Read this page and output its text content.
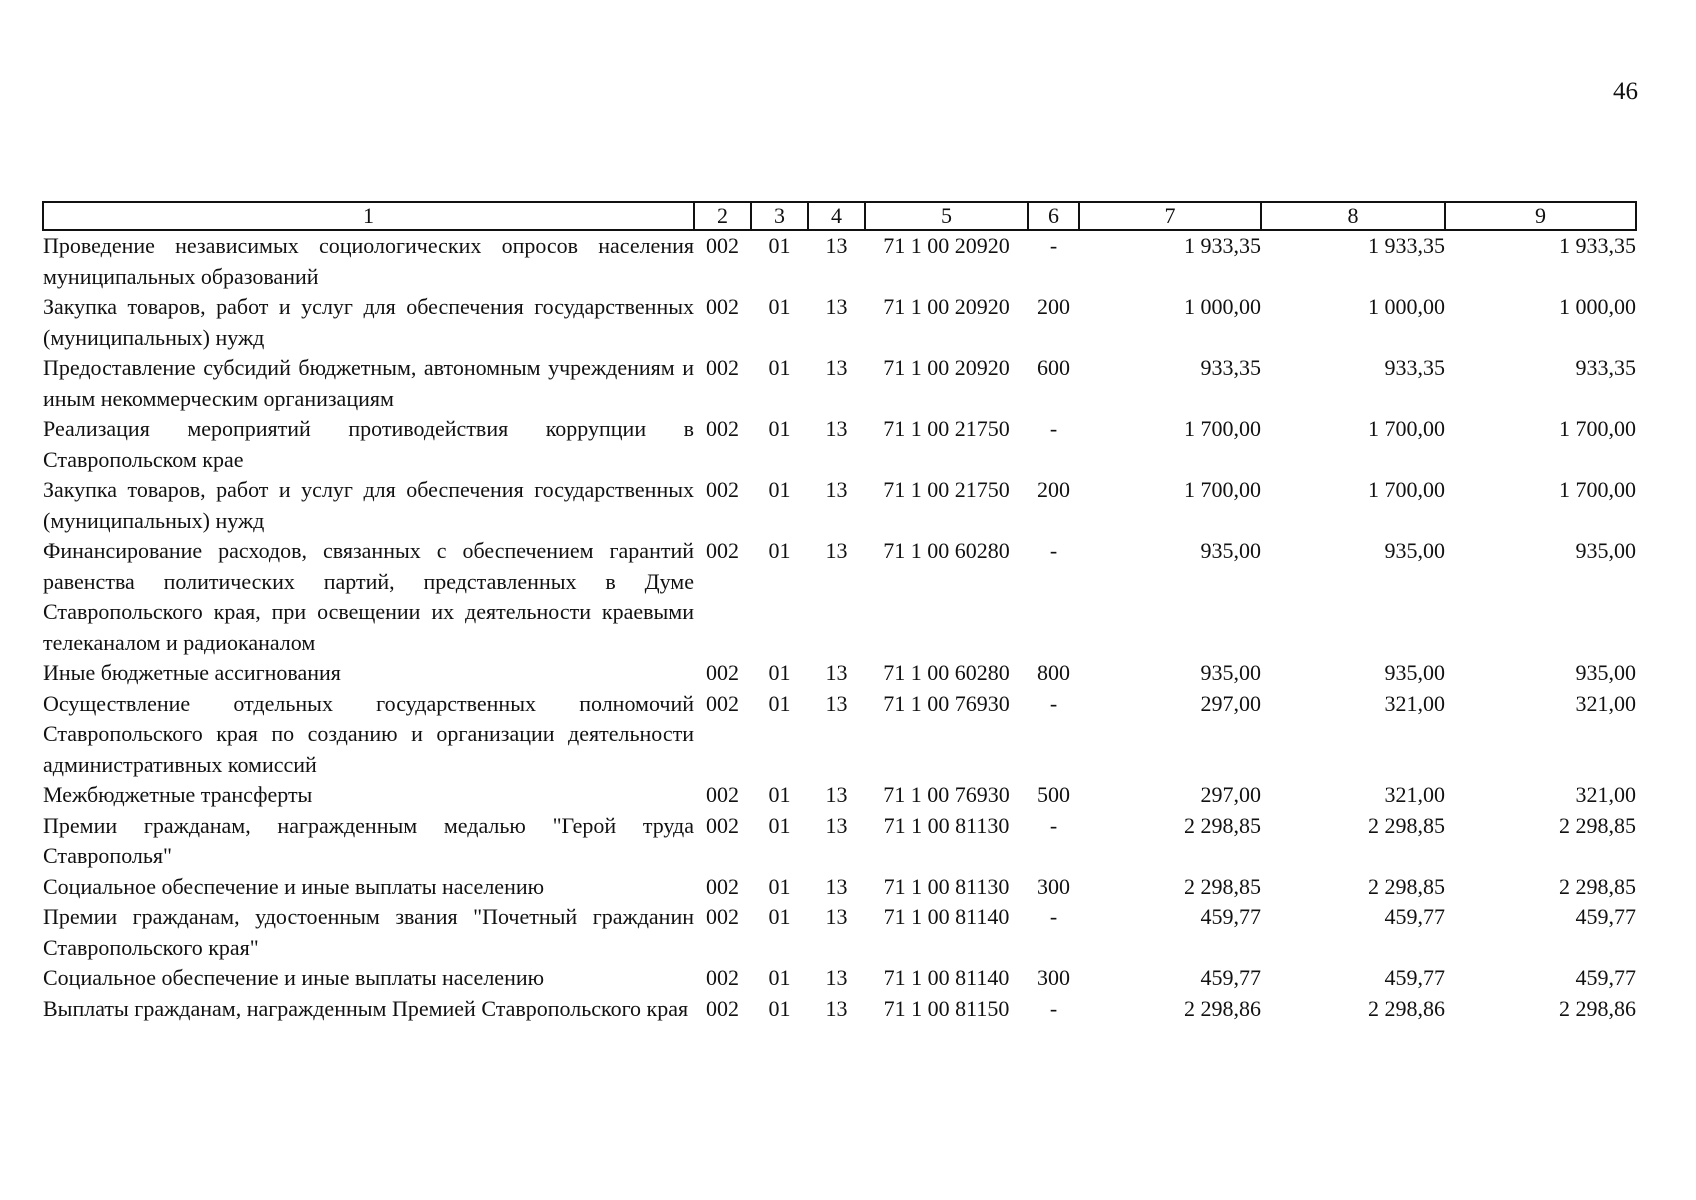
46
1	2	3	4	5	6	7	8	9
Проведение независимых социологических опросов населения муниципальных образований	002	01	13	71 1 00 20920	-	1 933,35	1 933,35	1 933,35
Закупка товаров, работ и услуг для обеспечения государственных (муниципальных) нужд	002	01	13	71 1 00 20920	200	1 000,00	1 000,00	1 000,00
Предоставление субсидий бюджетным, автономным учреждениям и иным некоммерческим организациям	002	01	13	71 1 00 20920	600	933,35	933,35	933,35
Реализация мероприятий противодействия коррупции в Ставропольском крае	002	01	13	71 1 00 21750	-	1 700,00	1 700,00	1 700,00
Закупка товаров, работ и услуг для обеспечения государственных (муниципальных) нужд	002	01	13	71 1 00 21750	200	1 700,00	1 700,00	1 700,00
Финансирование расходов, связанных с обеспечением гарантий равенства политических партий, представленных в Думе Ставропольского края, при освещении их деятельности краевыми телеканалом и радиоканалом	002	01	13	71 1 00 60280	-	935,00	935,00	935,00
Иные бюджетные ассигнования	002	01	13	71 1 00 60280	800	935,00	935,00	935,00
Осуществление отдельных государственных полномочий Ставропольского края по созданию и организации деятельности административных комиссий	002	01	13	71 1 00 76930	-	297,00	321,00	321,00
Межбюджетные трансферты	002	01	13	71 1 00 76930	500	297,00	321,00	321,00
Премии гражданам, награжденным медалью "Герой труда Ставрополья"	002	01	13	71 1 00 81130	-	2 298,85	2 298,85	2 298,85
Социальное обеспечение и иные выплаты населению	002	01	13	71 1 00 81130	300	2 298,85	2 298,85	2 298,85
Премии гражданам, удостоенным звания "Почетный гражданин Ставропольского края"	002	01	13	71 1 00 81140	-	459,77	459,77	459,77
Социальное обеспечение и иные выплаты населению	002	01	13	71 1 00 81140	300	459,77	459,77	459,77
Выплаты гражданам, награжденным Премией Ставропольского края	002	01	13	71 1 00 81150	-	2 298,86	2 298,86	2 298,86
